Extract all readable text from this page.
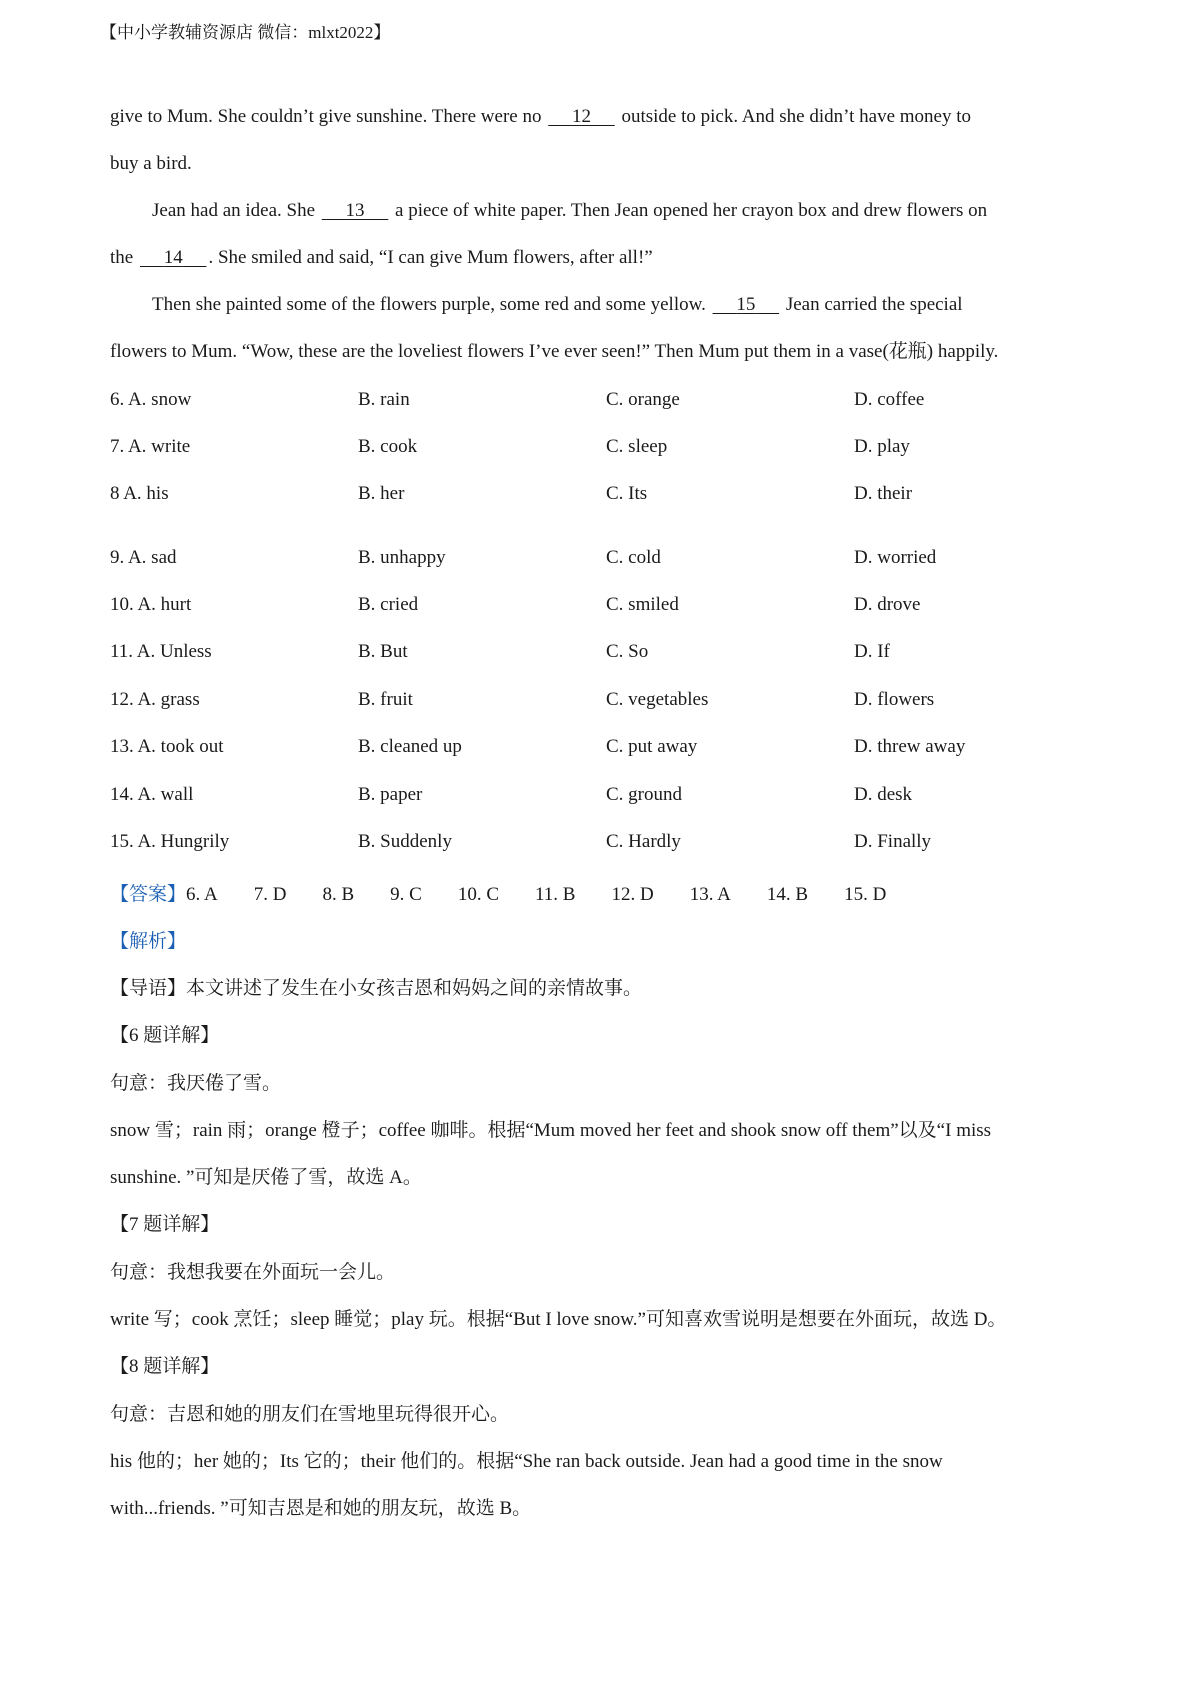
【中小学教辅资源店 微信：mlxt2022】
give to Mum. She couldn’t give sunshine. There were no      12      outside to pick. And she didn’t have money to
buy a bird.
Jean had an idea. She      13      a piece of white paper. Then Jean opened her crayon box and drew flowers on
the      14 . She smiled and said, “I can give Mum flowers, after all!”
Then she painted some of the flowers purple, some red and some yellow.      15      Jean carried the special
flowers to Mum. “Wow, these are the loveliest flowers I’ve ever seen!” Then Mum put them in a vase(花瓶) happily.
6. A. snow	B. rain	C. orange	D. coffee
7. A. write	B. cook	C. sleep	D. play
8 A. his	B. her	C. Its	D. their
9. A. sad	B. unhappy	C. cold	D. worried
10. A. hurt	B. cried	C. smiled	D. drove
11. A. Unless	B. But	C. So	D. If
12. A. grass	B. fruit	C. vegetables	D. flowers
13. A. took out	B. cleaned up	C. put away	D. threw away
14. A. wall	B. paper	C. ground	D. desk
15. A. Hungrily	B. Suddenly	C. Hardly	D. Finally
【答案】6. A 7. D 8. B 9. C 10. C 11. B 12. D 13. A 14. B 15. D
【解析】
【导语】本文讲述了发生在小女孩吉恩和妈妈之间的亲情故事。
【6 题详解】
句意：我厌倦了雪。
snow 雪；rain 雨；orange 橙子；coffee 咖啡。根据“Mum moved her feet and shook snow off them”以及“I miss
sunshine. ”可知是厌倦了雪，故选 A。
【7 题详解】
句意：我想我要在外面玩一会儿。
write 写；cook 烹饪；sleep 睡觉；play 玩。根据“But I love snow.”可知喜欢雪说明是想要在外面玩，故选 D。
【8 题详解】
句意：吉恩和她的朋友们在雪地里玩得很开心。
his 他的；her 她的；Its 它的；their 他们的。根据“She ran back outside. Jean had a good time in the snow
with...friends. ”可知吉恩是和她的朋友玩，故选 B。
